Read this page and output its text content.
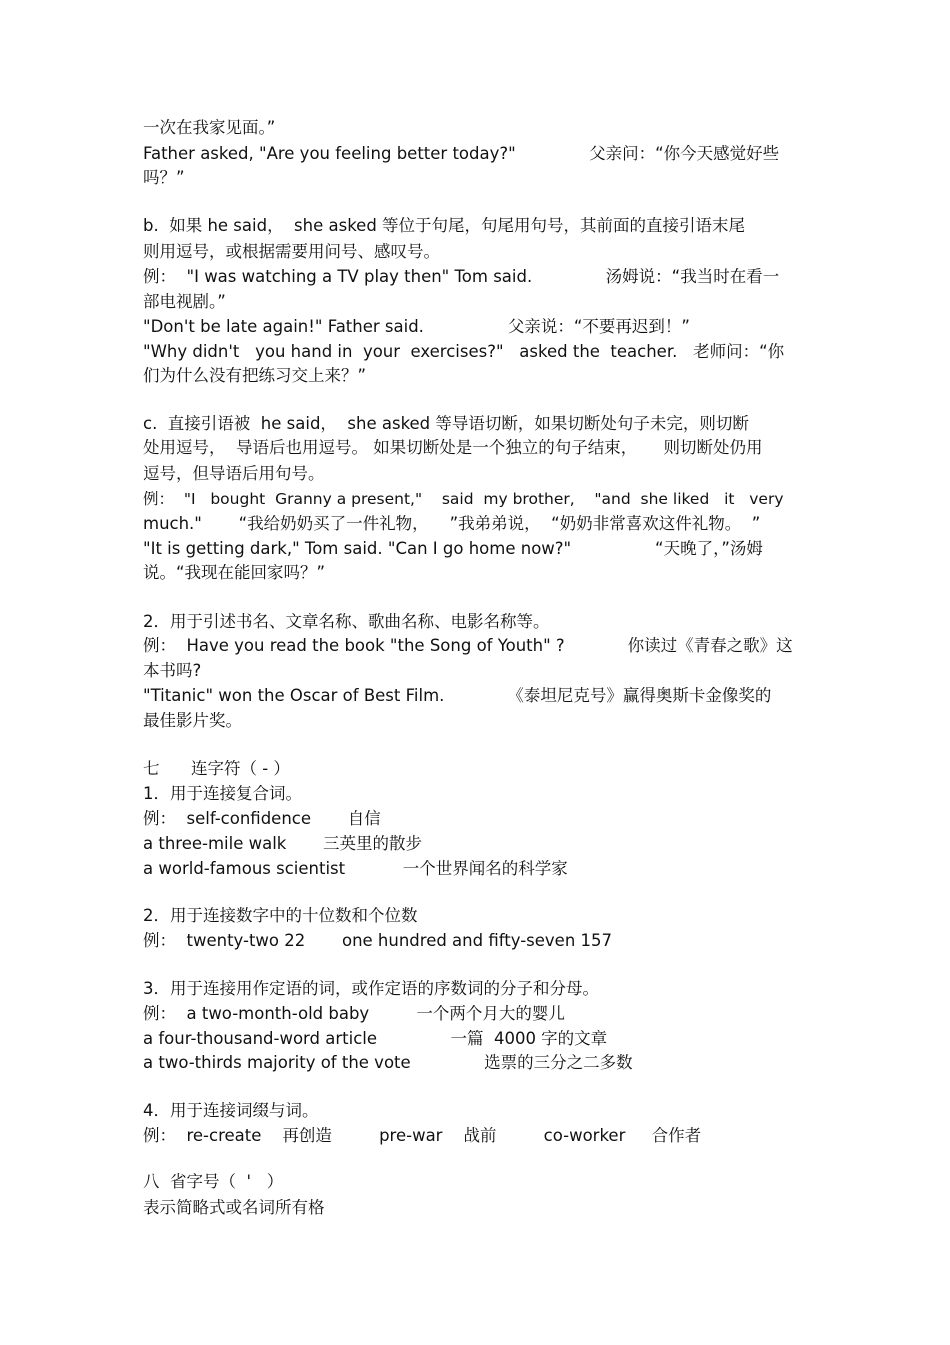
一次在我家见面。”
Father asked, "Are you feeling better today?"              父亲问：“你今天感觉好些
吗？”
b.  如果 he said，  she asked 等位于句尾，句尾用句号，其前面的直接引语末尾
则用逗号，或根据需要用问号、感叹号。
例：  "I was watching a TV play then" Tom said.              汤姆说：“我当时在看一
部电视剧。”
"Don't be late again!" Father said.                父亲说：“不要再迟到！”
"Why didn't   you hand in  your  exercises?"   asked the  teacher.   老师问：“你
们为什么没有把练习交上来？”
c.  直接引语被  he said，  she asked 等导语切断，如果切断处句子未完，则切断
处用逗号，  导语后也用逗号。 如果切断处是一个独立的句子结束，     则切断处仍用
逗号，但导语后用句号。
例：  "I   bought  Granny a present,"    said  my brother,    "and  she liked   it   very
much."       “我给奶奶买了一件礼物，    ”我弟弟说，  “奶奶非常喜欢这件礼物。  ”
"It is getting dark," Tom said. "Can I go home now?"                “天晚了，”汤姆
说。“我现在能回家吗？”
2．用于引述书名、文章名称、歌曲名称、电影名称等。
例：  Have you read the book "the Song of Youth" ?            你读过《青春之歌》这
本书吗?
"Titanic" won the Oscar of Best Film.            《泰坦尼克号》赢得奥斯卡金像奖的
最佳影片奖。
七      连字符（ - ）
1．用于连接复合词。
例：  self-confidence       自信
a three-mile walk       三英里的散步
a world-famous scientist           一个世界闻名的科学家
2．用于连接数字中的十位数和个位数
例：  twenty-two 22       one hundred and fifty-seven 157
3．用于连接用作定语的词，或作定语的序数词的分子和分母。
例：  a two-month-old baby         一个两个月大的婴儿
a four-thousand-word article              一篇  4000 字的文章
a two-thirds majority of the vote              选票的三分之二多数
4．用于连接词缀与词。
例：  re-create    再创造         pre-war    战前         co-worker     合作者
八  省字号（  '   ）
表示简略式或名词所有格
